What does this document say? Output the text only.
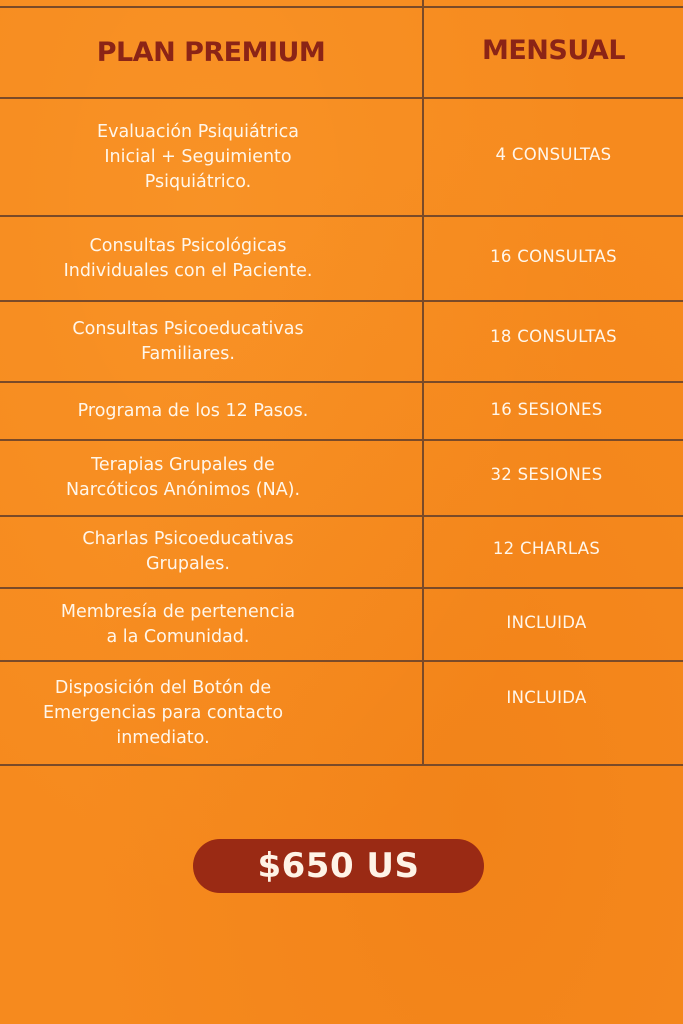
PLAN PREMIUM	MENSUAL
Evaluación Psiquiátrica
Inicial + Seguimiento
Psiquiátrico.
4 CONSULTAS
Consultas Psicológicas
Individuales con el Paciente.
16 CONSULTAS
Consultas Psicoeducativas
Familiares.
18 CONSULTAS
Programa de los 12 Pasos.	16 SESIONES
Terapias Grupales de
Narcóticos Anónimos (NA).
32 SESIONES
Charlas Psicoeducativas
Grupales.
12 CHARLAS
Membresía de pertenencia
a la Comunidad.
INCLUIDA
Disposición del Botón de
Emergencias para contacto
inmediato.
INCLUIDA
$650 US
